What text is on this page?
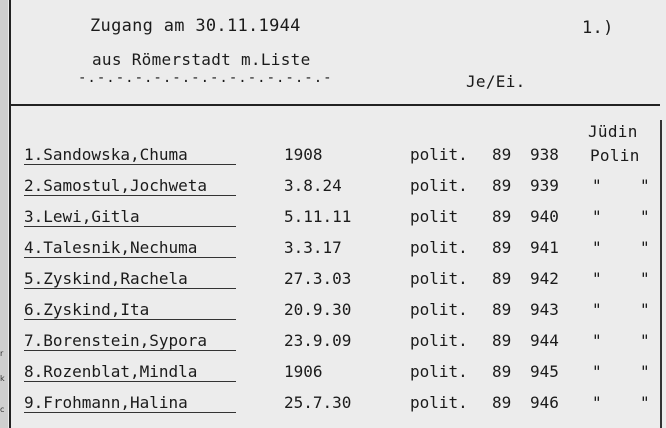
Zugang am 30.11.1944	1.)
aus Römerstadt m.Liste
-.-.-.-.-.-.-.-.-.-.-.-.-.-	Je/Ei.
Jüdin
Polin
1.Sandowska,Chuma	1908	polit. 89 938
2.Samostul,Jochweta	3.8.24	polit. 89 939 " "
3.Lewi,Gitla	5.11.11	polit 89 940 " "
4.Talesnik,Nechuma	3.3.17	polit. 89 941 " "
5.Zyskind,Rachela	27.3.03	polit. 89 942 " "
6.Zyskind,Ita	20.9.30	polit. 89 943 " "
7.Borenstein,Sypora	23.9.09	polit. 89 944 " "
8.Rozenblat,Mindla	1906	polit. 89 945 " "
9.Frohmann,Halina	25.7.30	polit. 89 946 " "
r
k
c
